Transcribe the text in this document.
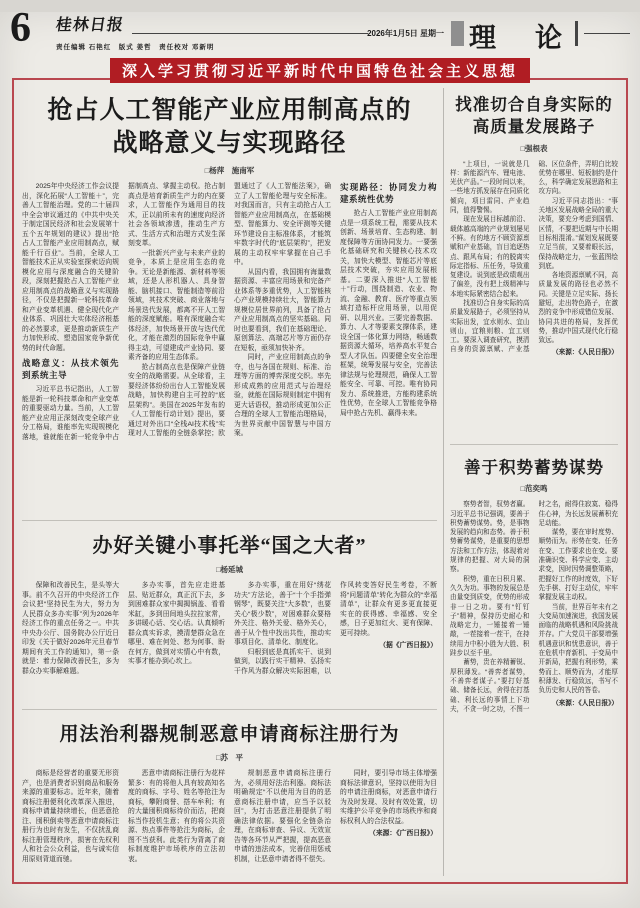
6 桂林日报
责任编辑 石艳红　版式 姜哲　责任校对 邓新明
2026年1月5日 星期一 理　论
深入学习贯彻习近平新时代中国特色社会主义思想
抢占人工智能产业应用制高点的
战略意义与实现路径
□杨萍　施南军

2025年中央经济工作会议提出，深化拓展“人工智能＋”，完善人工智能治理。党的二十届四中全会审议通过的《中共中央关于制定国民经济和社会发展第十五个五年规划的建议》提出“抢占人工智能产业应用制高点，赋能千行百业”。当前，全球人工智能技术正从实验室探索迈向规模化应用与深度融合的关键阶段，深刻把握抢占人工智能产业应用制高点的战略意义与实现路径，不仅是把握新一轮科技革命和产业变革机遇、健全现代化产业体系、巩固壮大实体经济根基的必然要求，更是推动新质生产力加快形成、塑造国家竞争新优势的时代命题。

战略意义：从技术领先到系统主导

习近平总书记指出，人工智能是新一轮科技革命和产业变革的重要驱动力量。当前，人工智能产业应用正深刻改变全球产业分工格局，谁能率先实现规模化落地，谁就能在新一轮竞争中占据制高点、掌握主动权。抢占制高点是培育新质生产力的内在要求，人工智能作为通用目的技术，正以前所未有的速度向经济社会各领域渗透，推动生产方式、生活方式和治理方式发生深刻变革。

一批新兴产业与未来产业的竞争，本质上是应用生态的竞争。无论是新能源、新材料等领域，还是人形机器人、具身智能、脑机接口、智能制造等前沿领域，其技术突破、商业落地与场景迭代发展，都离不开人工智能的深度赋能。唯有深度融合实体经济，加快场景开放与迭代优化，才能在激烈的国际竞争中赢得主动，可望建成产业协同、要素齐备的应用生态体系。

抢占制高点也是保障产业链安全的战略需要。从全球看，主要经济体纷纷出台人工智能发展战略，加快构建自主可控的“底层架构”。美国在2025年发布的《人工智能行动计划》提出，要通过对外出口“全栈AI技术栈”实现对人工智能的全链条掌控；欧盟通过了《人工智能法案》，确立了人工智能伦理与安全标准。对我国而言，只有主动抢占人工智能产业应用制高点，在基础模型、智能算力、安全评测等关键环节建设自主标准体系，才能筑牢数字时代的“底层架构”，把发展的主动权牢牢掌握在自己手中。

从国内看，我国拥有海量数据资源、丰富应用场景和完备产业体系等多重优势，人工智能核心产业规模持续壮大，智能算力规模位居世界前列，具备了抢占产业应用制高点的坚实基础。同时也要看到，我们在基础理论、原创算法、高端芯片等方面仍存在短板，亟须加快补齐。

同时，产业应用制高点的争夺，也与各国在规则、标准、治理等方面的博弈深度交织。率先形成成熟的应用范式与治理经验，就能在国际规则制定中拥有更大话语权，推动形成更加公正合理的全球人工智能治理格局，为世界贡献中国智慧与中国方案。

实现路径：协同发力构建系统性优势

抢占人工智能产业应用制高点是一项系统工程，需要从技术创新、场景培育、生态构建、制度保障等方面协同发力。一要强化基础研究和关键核心技术攻关，加快大模型、智能芯片等底层技术突破，夯实应用发展根基。二要深入推进“人工智能＋”行动，围绕制造、农业、物流、金融、教育、医疗等重点领域打造标杆应用场景，以用促研、以用兴业。三要完善数据、算力、人才等要素支撑体系，建设全国一体化算力网络，畅通数据资源大循环，培养高水平复合型人才队伍。四要健全安全治理框架，统筹发展与安全，完善法律法规与伦理规范，确保人工智能安全、可靠、可控。唯有协同发力、系统推进，方能构建系统性优势，在全球人工智能竞争格局中抢占先机、赢得未来。

办好关键小事托举“国之大者”
□杨延城

保障和改善民生，是头等大事。前不久召开的中央经济工作会议把“坚持民生为大，努力为人民群众多办实事”列为2026年经济工作的重点任务之一。中共中央办公厅、国务院办公厅近日印发《关于做好2026年元旦春节期间有关工作的通知》，第一条就是：着力保障改善民生，多为群众办实事解难题。

多办实事，首先应走进基层、贴近群众，真正沉下去，多到困难群众家中揭揭锅盖、看看米缸，多到田间地头拉拉家常，多讲暖心话、交心话。认真倾听群众真实诉求，摸清楚群众急在哪里、难在何处、愁为何事、盼在何方，做到对实情心中有数，实事才能办到心坎上。

多办实事，重在用好“绣花功夫”方法论，善于“十个手指弹钢琴”，既要关注“大多数”，也要关心“极少数”，对困难群众要格外关注、格外关爱、格外关心，善于从个性中找出共性，推动实事项目化、清单化、制度化。

归根到底是真抓实干、说到做到，以践行实干精神、弘扬实干作风为群众解决实际困难，以作风转变答好民生考卷，不断将“问题清单”转化为群众的“幸福清单”，让群众有更多更直接更实在的获得感、幸福感、安全感，日子更加红火、更有保障、更可持续。

（据《广西日报》）
用法治利器规制恶意申请商标注册行为
□苏　平

商标是经营者的重要无形资产，也是消费者识别商品和服务来源的重要标志。近年来，随着商标注册便利化改革深入推进，商标申请量持续增长，但恶意抢注、囤积倒卖等恶意申请商标注册行为也时有发生，不仅扰乱商标注册管理秩序，损害在先权利人和社会公众利益，也与诚实信用原则背道而驰。

恶意申请商标注册行为花样繁多：有的将他人具有较高知名度的商标、字号、姓名等抢注为商标，攀附商誉、搭车牟利；有的大量囤积商标待价而沽，把商标当作投机生意；有的将公共资源、热点事件等抢注为商标，企图不当获利。此类行为背离了商标制度维护市场秩序的立法初衷。

规制恶意申请商标注册行为，必须用好法治利器。商标法明确规定“不以使用为目的的恶意商标注册申请，应当予以驳回”，为打击恶意注册提供了明确法律依据。要强化全链条治理，在商标审查、异议、无效宣告等各环节从严把握，提高恶意申请的违法成本，完善信用惩戒机制，让恶意申请者得不偿失。

同时，要引导市场主体增强商标法律意识，坚持以使用为目的申请注册商标，对恶意申请行为及时发现、及时有效处置，切实维护公平竞争的市场秩序和商标权利人的合法权益。

（来源：《广西日报》）
找准切合自身实际的
高质量发展路子
□强根表

“上项目，一说就是几样：新能源汽车、锂电池、光伏产品。”一段时间以来，一些地方抓发展存在同质化倾向，项目雷同、产业趋同，值得警惕。

现在发展目标越前沿、载体越高端的产业规划屡见不鲜。有的地方不顾资源禀赋和产业基础，盲目追逐热点、跟风布局；有的脱离实际定指标、压任务，导致重复建设。说到底是政绩观出了偏差，没有把上级精神与本地实际紧密结合起来。

找准切合自身实际的高质量发展路子，必须坚持从实际出发，宜水则水、宜山则山，宜粮则粮、宜工则工。要深入调查研究，摸清自身的资源禀赋、产业基础、区位条件，弄明白比较优势在哪里、短板制约是什么，科学确定发展思路和主攻方向。

习近平同志指出：“事关地区发展战略全局的重大决策，要充分考虑到国情、区情，不要把近期与中长期目标相混淆。”谋划发展既要立足当前，又要着眼长远，保持战略定力，一张蓝图绘到底。

各地资源禀赋不同，高质量发展的路径也必然不同。关键是立足实际、扬长避短，走出特色路子，在激烈的竞争中形成错位发展、协同共进的格局，发挥优势，推动中国式现代化行稳致远。

（来源：《人民日报》）
善于积势蓄势谋势
□范奕鸣

察势者智，驭势者赢。习近平总书记强调，要善于积势蓄势谋势。势，是事物发展的趋向和态势。善于积势蓄势谋势，是重要的思想方法和工作方法，体现着对规律的把握、对大局的洞察。

积势，重在日积月累、久久为功。事物的发展总是由量变到质变，优势的形成非一日之功。要有“钉钉子”精神，保持历史耐心和战略定力，一锤接着一锤敲，一茬接着一茬干，在持续用力中积小胜为大胜、积跬步以至千里。

蓄势，贵在养精蓄锐、厚积薄发。“善弈者谋势，不善弈者谋子。”要打好基础、储备长远，舍得在打基础、利长远的事情上下功夫，不贪一时之功，不图一时之名，耐得住寂寞、稳得住心神，为长远发展蓄积充足动能。

谋势，要在审时度势、顺势而为。形势在变、任务在变、工作要求也在变。要准确识变、科学应变、主动求变，因时因势调整策略，把握好工作的时度效，下好先手棋、打好主动仗，牢牢掌握发展主动权。

当前，世界百年未有之大变局加速演进，我国发展面临的战略机遇和风险挑战并存。广大党员干部要增强机遇意识和忧患意识，善于在危机中育新机、于变局中开新局，把握有利形势，乘势而上、顺势而为，才能厚积薄发、行稳致远，书写不负历史和人民的答卷。

（来源：《人民日报》）
